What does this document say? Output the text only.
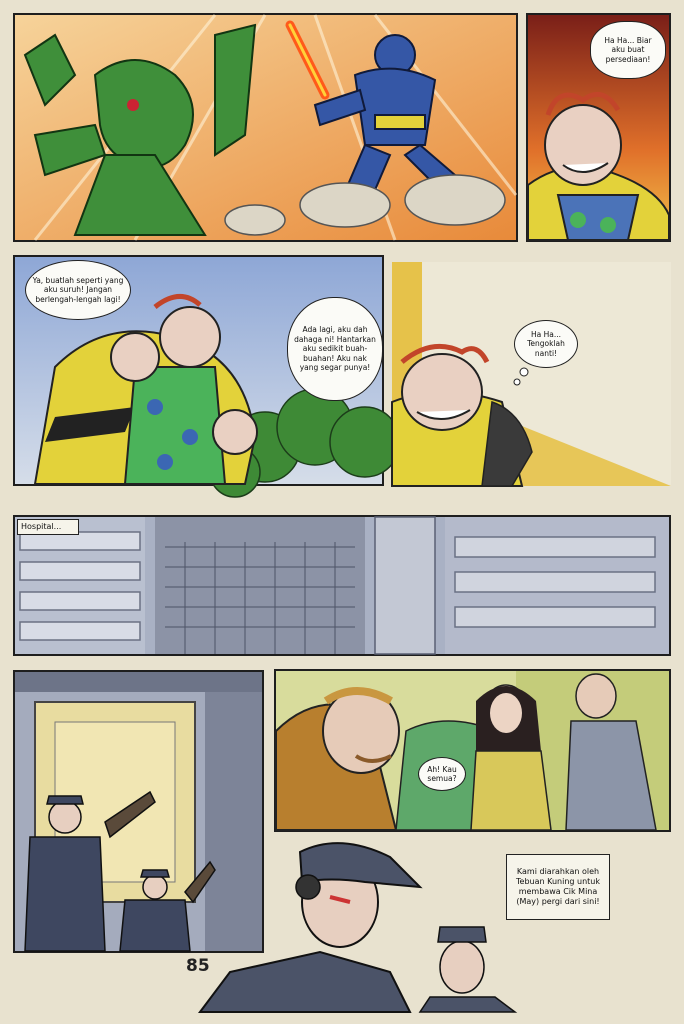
Ha Ha... Biar aku buat persediaan!
Ya, buatlah seperti yang aku suruh! Jangan berlengah-lengah lagi!
Ada lagi, aku dah dahaga ni! Hantarkan aku sedikit buah-buahan! Aku nak yang segar punya!
Ha Ha... Tengoklah nanti!
Hospital...
Ah! Kau semua?
Kami diarahkan oleh Tebuan Kuning untuk membawa Cik Mina (May) pergi dari sini!
85
